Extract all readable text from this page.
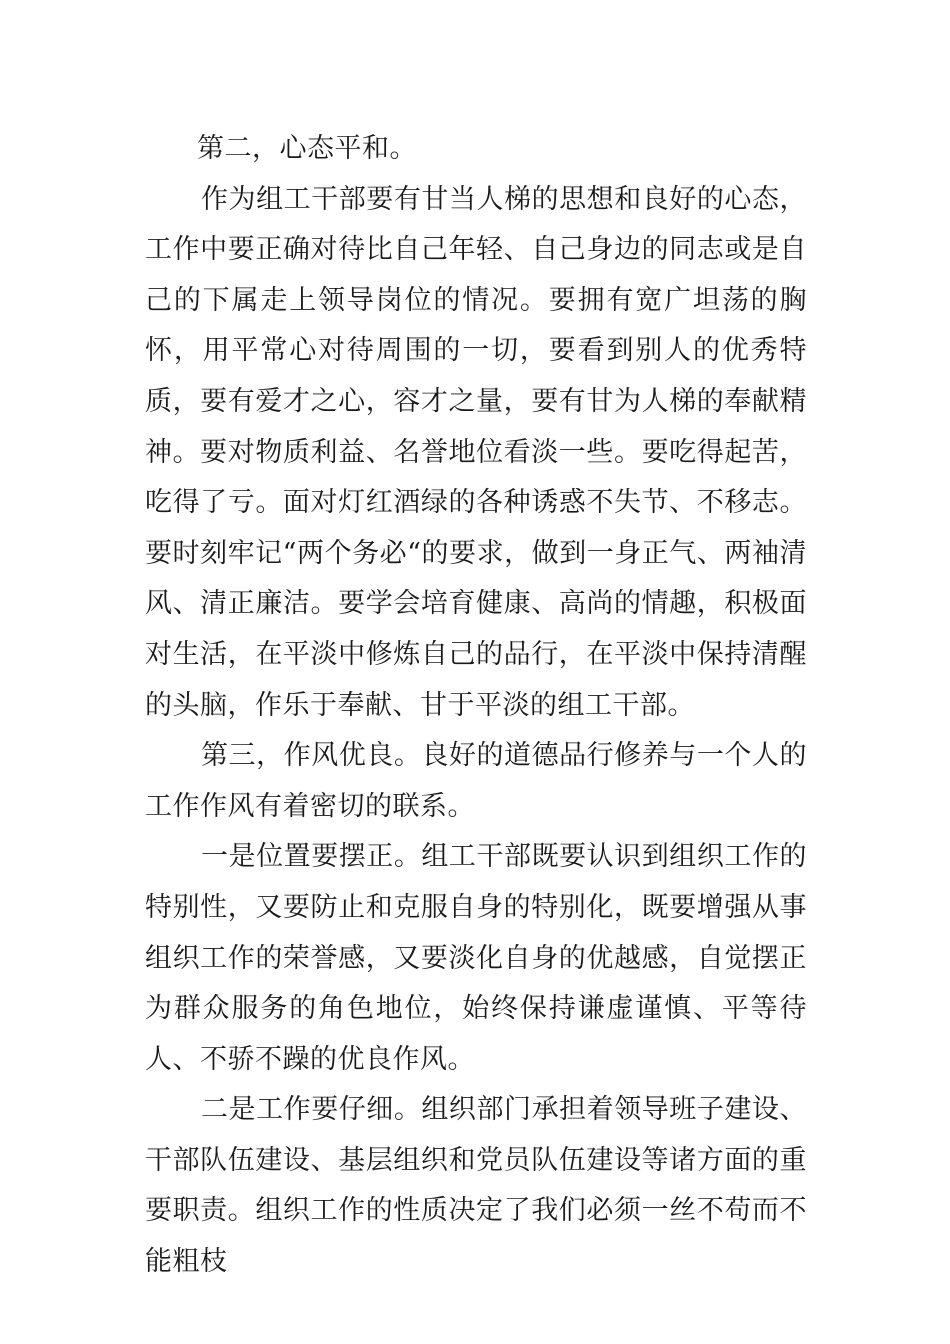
第二，心态平和。

作为组工干部要有甘当人梯的思想和良好的心态，工作中要正确对待比自己年轻、自己身边的同志或是自己的下属走上领导岗位的情况。要拥有宽广坦荡的胸怀，用平常心对待周围的一切，要看到别人的优秀特质，要有爱才之心，容才之量，要有甘为人梯的奉献精神。要对物质利益、名誉地位看淡一些。要吃得起苦，吃得了亏。面对灯红酒绿的各种诱惑不失节、不移志。要时刻牢记“两个务必“的要求，做到一身正气、两袖清风、清正廉洁。要学会培育健康、高尚的情趣，积极面对生活，在平淡中修炼自己的品行，在平淡中保持清醒的头脑，作乐于奉献、甘于平淡的组工干部。

第三，作风优良。良好的道德品行修养与一个人的工作作风有着密切的联系。

一是位置要摆正。组工干部既要认识到组织工作的特别性，又要防止和克服自身的特别化，既要增强从事组织工作的荣誉感，又要淡化自身的优越感，自觉摆正为群众服务的角色地位，始终保持谦虚谨慎、平等待人、不骄不躁的优良作风。

二是工作要仔细。组织部门承担着领导班子建设、干部队伍建设、基层组织和党员队伍建设等诸方面的重要职责。组织工作的性质决定了我们必须一丝不苟而不能粗枝
